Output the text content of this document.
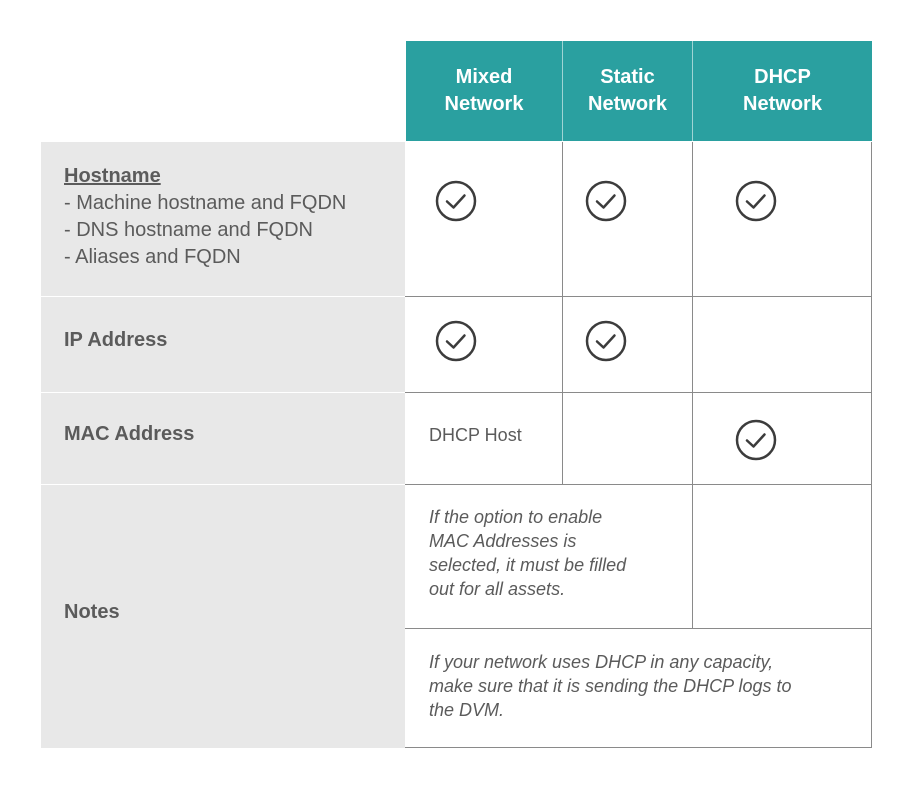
Mixed
Network
Static
Network
DHCP
Network
Hostname
- Machine hostname and FQDN
- DNS hostname and FQDN
- Aliases and FQDN
IP Address
MAC Address
Notes
DHCP Host
If the option to enable
MAC Addresses is
selected, it must be filled
out for all assets.
If your network uses DHCP in any capacity,
make sure that it is sending the DHCP logs to
the DVM.
